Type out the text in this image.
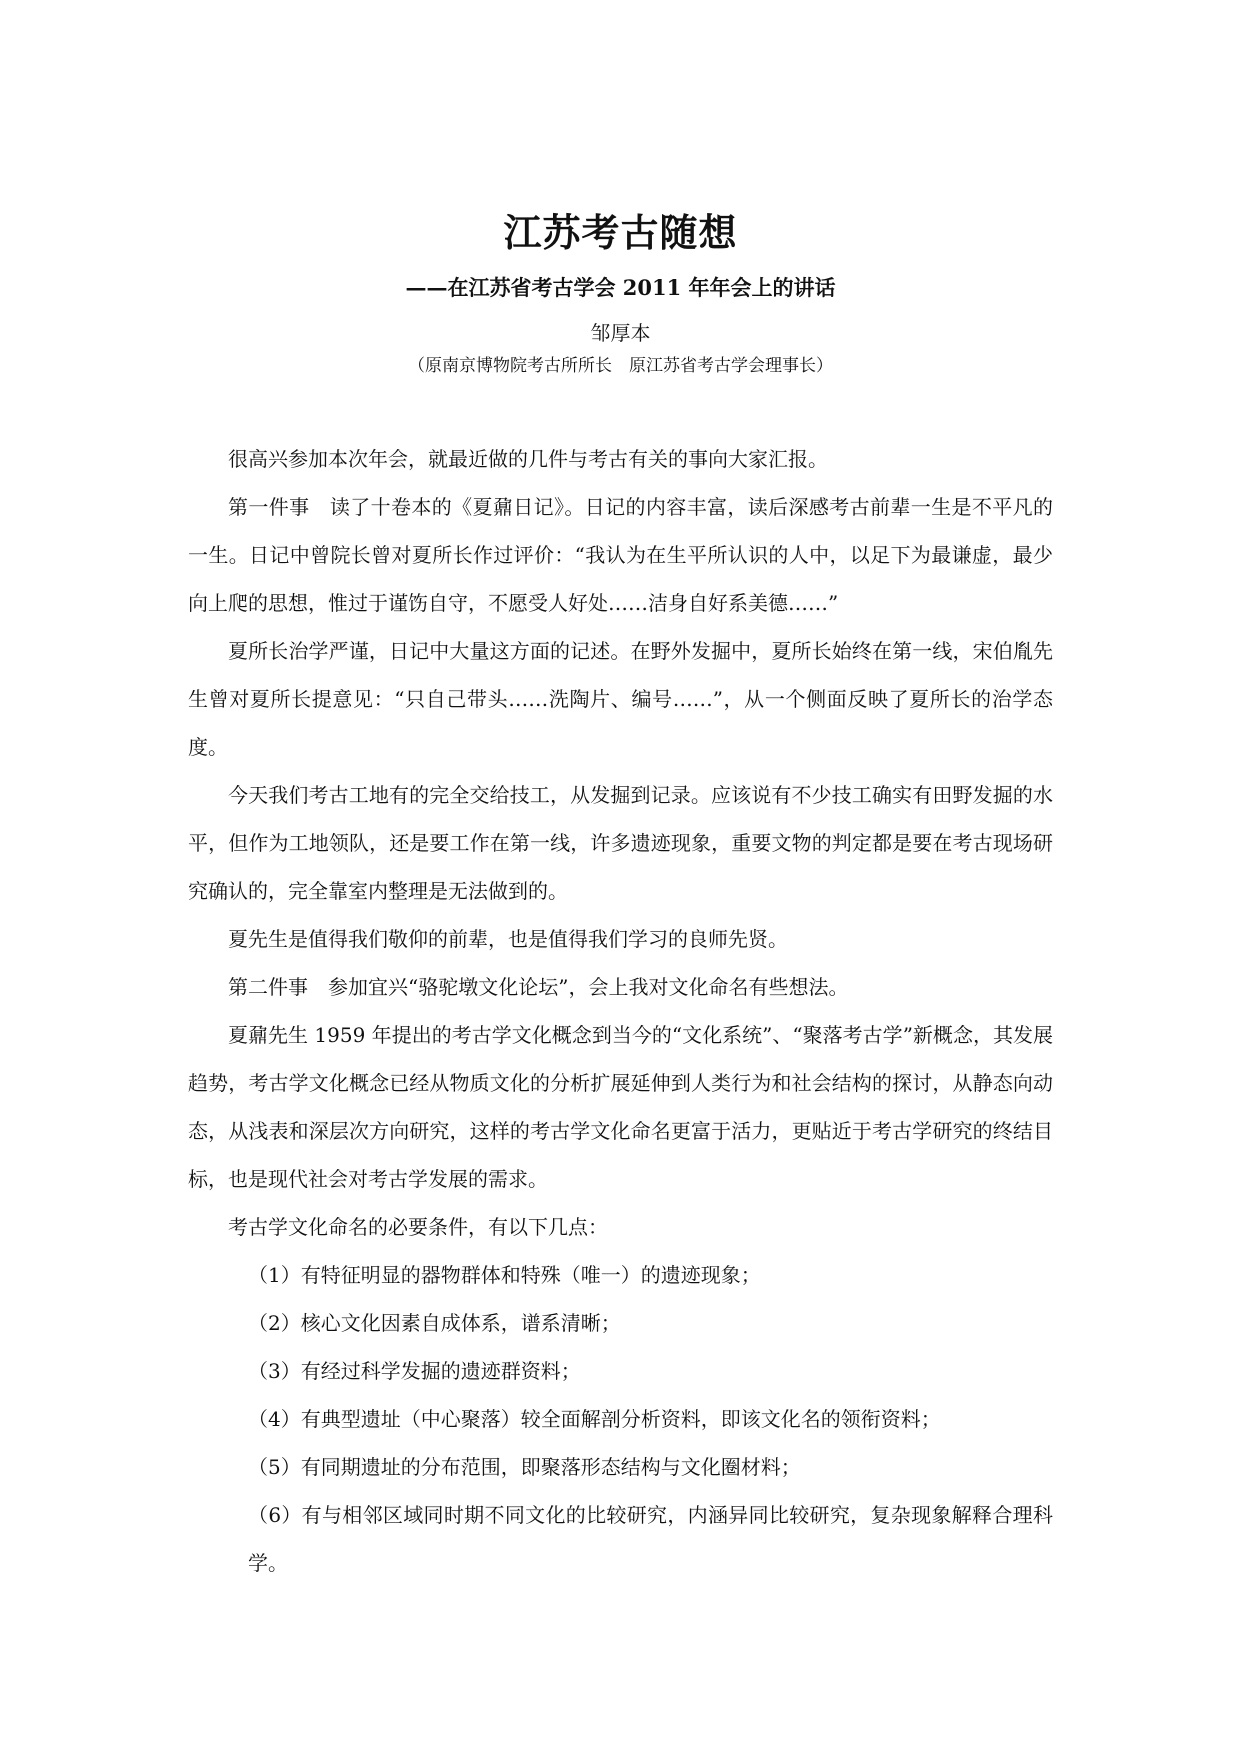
江苏考古随想
——在江苏省考古学会 2011 年年会上的讲话
邹厚本
（原南京博物院考古所所长　原江苏省考古学会理事长）

很高兴参加本次年会，就最近做的几件与考古有关的事向大家汇报。

第一件事　读了十卷本的《夏鼐日记》。日记的内容丰富，读后深感考古前辈一生是不平凡的一生。日记中曾院长曾对夏所长作过评价：“我认为在生平所认识的人中，以足下为最谦虚，最少向上爬的思想，惟过于谨饬自守，不愿受人好处……洁身自好系美德……”

夏所长治学严谨，日记中大量这方面的记述。在野外发掘中，夏所长始终在第一线，宋伯胤先生曾对夏所长提意见：“只自己带头……洗陶片、编号……”，从一个侧面反映了夏所长的治学态度。

今天我们考古工地有的完全交给技工，从发掘到记录。应该说有不少技工确实有田野发掘的水平，但作为工地领队，还是要工作在第一线，许多遗迹现象，重要文物的判定都是要在考古现场研究确认的，完全靠室内整理是无法做到的。

夏先生是值得我们敬仰的前辈，也是值得我们学习的良师先贤。

第二件事　参加宜兴“骆驼墩文化论坛”，会上我对文化命名有些想法。

夏鼐先生 1959 年提出的考古学文化概念到当今的“文化系统”、“聚落考古学”新概念，其发展趋势，考古学文化概念已经从物质文化的分析扩展延伸到人类行为和社会结构的探讨，从静态向动态，从浅表和深层次方向研究，这样的考古学文化命名更富于活力，更贴近于考古学研究的终结目标，也是现代社会对考古学发展的需求。

考古学文化命名的必要条件，有以下几点：

（1）有特征明显的器物群体和特殊（唯一）的遗迹现象；

（2）核心文化因素自成体系，谱系清晰；

（3）有经过科学发掘的遗迹群资料；

（4）有典型遗址（中心聚落）较全面解剖分析资料，即该文化名的领衔资料；

（5）有同期遗址的分布范围，即聚落形态结构与文化圈材料；

（6）有与相邻区域同时期不同文化的比较研究，内涵异同比较研究，复杂现象解释合理科学。
